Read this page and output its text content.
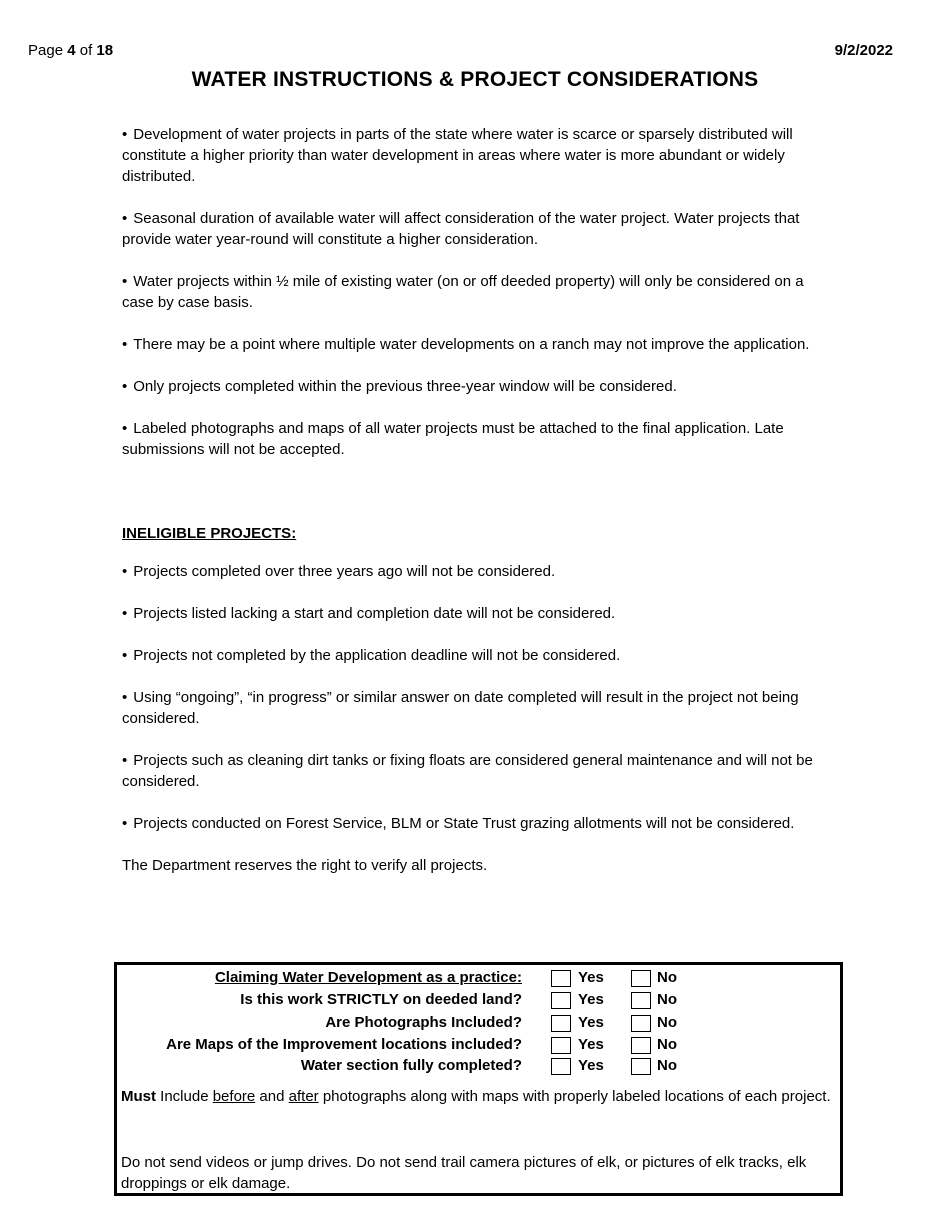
Page 4 of 18	9/2/2022
WATER INSTRUCTIONS & PROJECT CONSIDERATIONS

• Development of water projects in parts of the state where water is scarce or sparsely distributed will constitute a higher priority than water development in areas where water is more abundant or widely distributed.

• Seasonal duration of available water will affect consideration of the water project. Water projects that provide water year-round will constitute a higher consideration.

• Water projects within ½ mile of existing water (on or off deeded property) will only be considered on a case by case basis.

• There may be a point where multiple water developments on a ranch may not improve the application.

• Only projects completed within the previous three-year window will be considered.

• Labeled photographs and maps of all water projects must be attached to the final application. Late submissions will not be accepted.

INELIGIBLE PROJECTS:

• Projects completed over three years ago will not be considered.

• Projects listed lacking a start and completion date will not be considered.

• Projects not completed by the application deadline will not be considered.

• Using “ongoing”, “in progress” or similar answer on date completed will result in the project not being considered.

• Projects such as cleaning dirt tanks or fixing floats are considered general maintenance and will not be considered.

• Projects conducted on Forest Service, BLM or State Trust grazing allotments will not be considered.

The Department reserves the right to verify all projects.

Claiming Water Development as a practice:	Yes	No
Is this work STRICTLY on deeded land?	Yes	No
Are Photographs Included?	Yes	No
Are Maps of the Improvement locations included?	Yes	No
Water section fully completed?	Yes	No
Must Include before and after photographs along with maps with properly labeled locations of each project.
Do not send videos or jump drives. Do not send trail camera pictures of elk, or pictures of elk tracks, elk droppings or elk damage.
